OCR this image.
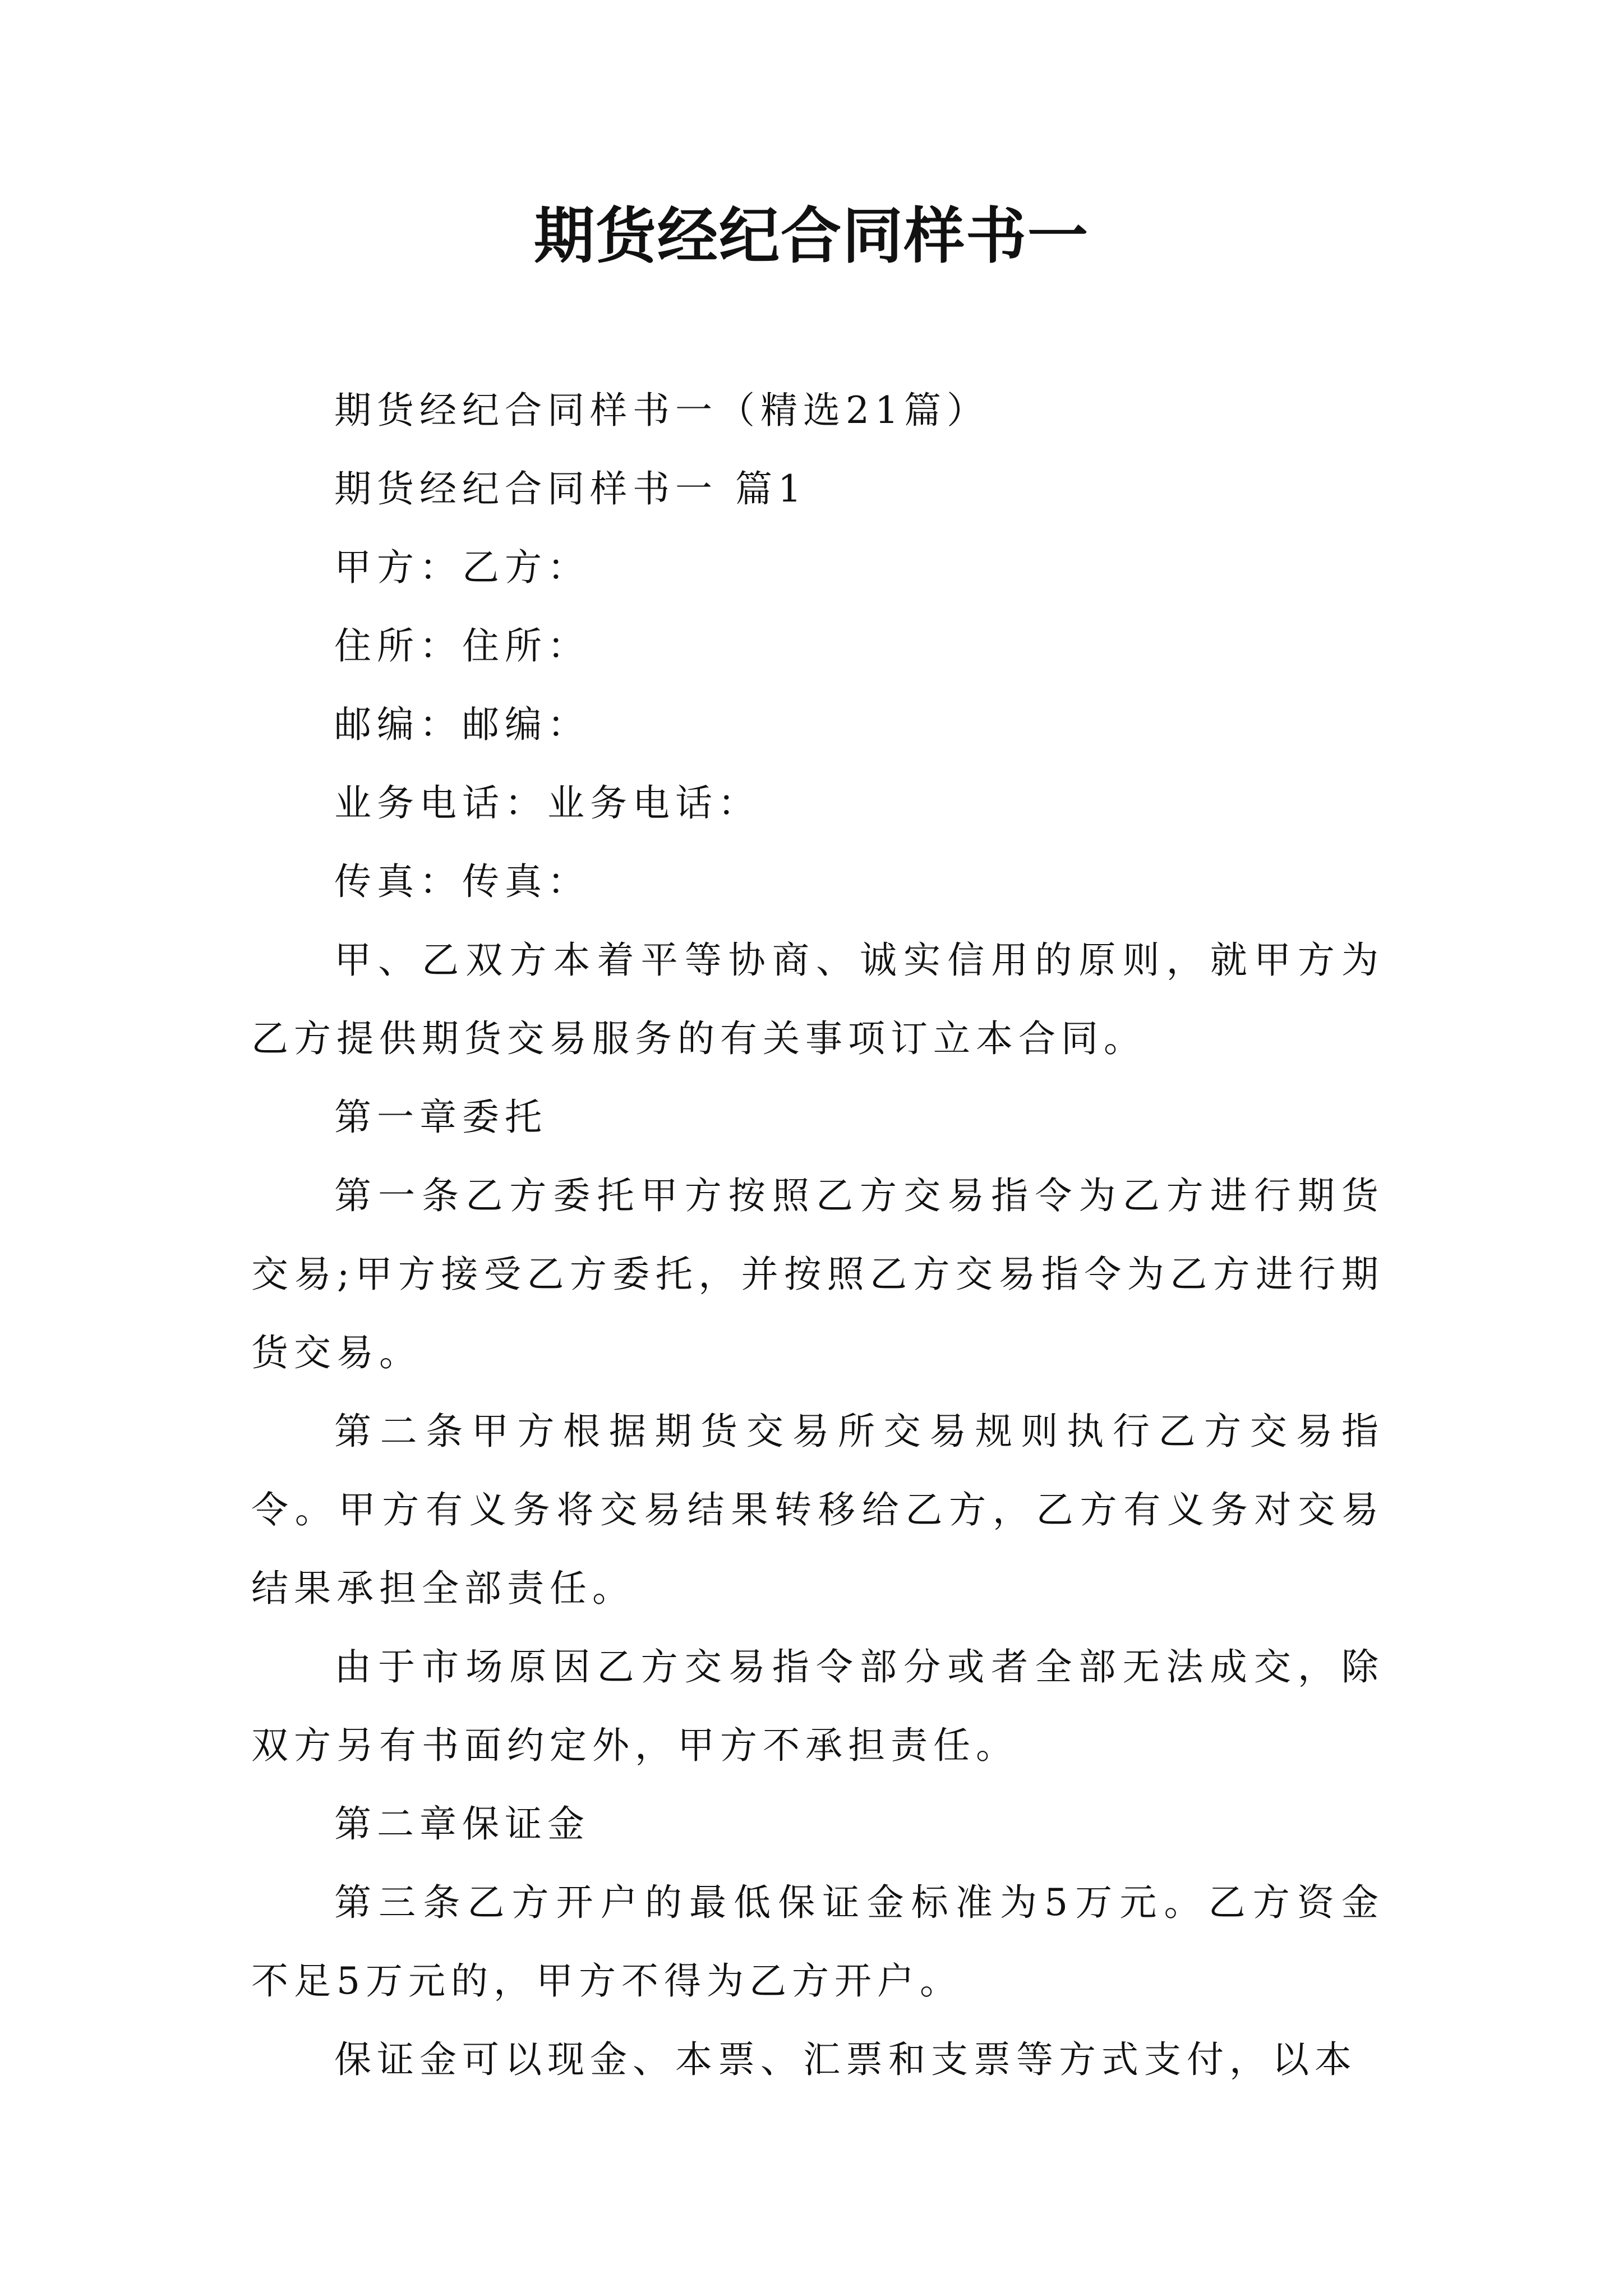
期货经纪合同样书一

期货经纪合同样书一（精选21篇）

期货经纪合同样书一 篇1

甲方：乙方：

住所：住所：

邮编：邮编：

业务电话：业务电话：

传真：传真：

甲、乙双方本着平等协商、诚实信用的原则，就甲方为乙方提供期货交易服务的有关事项订立本合同。

第一章委托

第一条乙方委托甲方按照乙方交易指令为乙方进行期货交易;甲方接受乙方委托，并按照乙方交易指令为乙方进行期货交易。

第二条甲方根据期货交易所交易规则执行乙方交易指令。甲方有义务将交易结果转移给乙方，乙方有义务对交易结果承担全部责任。

由于市场原因乙方交易指令部分或者全部无法成交，除双方另有书面约定外，甲方不承担责任。

第二章保证金

第三条乙方开户的最低保证金标准为5万元。乙方资金不足5万元的，甲方不得为乙方开户。

保证金可以现金、本票、汇票和支票等方式支付，以本
